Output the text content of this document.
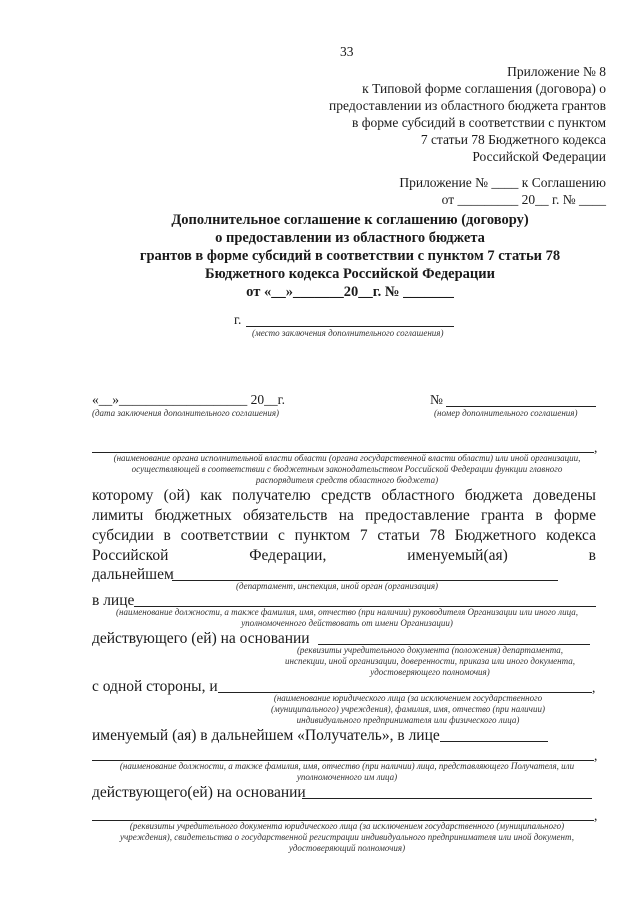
33
Приложение № 8
к Типовой форме соглашения (договора) о
предоставлении из областного бюджета грантов
в форме субсидий в соответствии с пунктом
7 статьи 78 Бюджетного кодекса
Российской Федерации
Приложение № ____ к Соглашению
от _________ 20__ г. № ____
Дополнительное соглашение к соглашению (договору)
о предоставлении из областного бюджета
грантов в форме субсидий в соответствии с пунктом 7 статьи 78
Бюджетного кодекса Российской Федерации
от «__»_______20__г. № _______
г.
(место заключения дополнительного соглашения)
«__»___________________ 20__г.
(дата заключения дополнительного соглашения)
№
(номер дополнительного соглашения)
,
(наименование органа исполнительной власти области (органа государственной власти области) или иной организации,
осуществляющей в соответствии с бюджетным законодательством Российской Федерации функции главного
распорядителя средств областного бюджета)
которому (ой) как получателю средств областного бюджета доведены
лимиты бюджетных обязательств на предоставление гранта в форме
субсидии в соответствии с пунктом 7 статьи 78 Бюджетного кодекса
Российской	Федерации,	именуемый(ая)	в
дальнейшем
(департамент, инспекция, иной орган (организация)
в лице
(наименование должности, а также фамилия, имя, отчество (при наличии) руководителя Организации или иного лица,
уполномоченного действовать от имени Организации)
действующего (ей) на основании
(реквизиты учредительного документа (положения) департамента,
инспекции, иной организации, доверенности, приказа или иного документа,
удостоверяющего полномочия)
с одной стороны, и	,
(наименование юридического лица (за исключением государственного
(муниципального) учреждения), фамилия, имя, отчество (при наличии)
индивидуального предпринимателя или физического лица)
именуемый (ая) в дальнейшем «Получатель», в лице
,
(наименование должности, а также фамилия, имя, отчество (при наличии) лица, представляющего Получателя, или
уполномоченного им лица)
действующего(ей) на основании
,
(реквизиты учредительного документа юридического лица (за исключением государственного (муниципального)
учреждения), свидетельства о государственной регистрации индивидуального предпринимателя или иной документ,
удостоверяющий полномочия)
